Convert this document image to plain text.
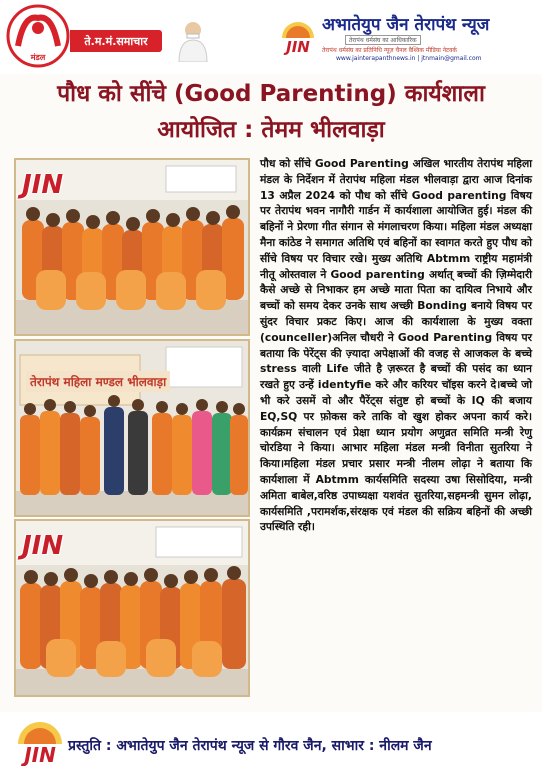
मंडल
ते.म.मं.समाचार	JIN
अभातेयुप जैन तेरापंथ न्यूज
तेरापंथ धर्मसंघ का आधिकारिक
तेरापंथ धर्मसंघ का प्रतिनिधि न्यूज़ चैनल वैश्विक मीडिया नेटवर्क
www.jainterapanthnews.in | jtnmain@gmail.com
पौध को सींचे (Good Parenting) कार्यशाला
आयोजित : तेमम भीलवाड़ा
JIN
तेरापंथ महिला मण्डल भीलवाड़ा
JIN
पौध को सींचे Good Parenting अखिल भारतीय तेरापंथ महिला मंडल के निर्देशन में तेरापंथ महिला मंडल भीलवाड़ा द्वारा आज दिनांक 13 अप्रैल 2024 को पौध को सींचे Good parenting विषय पर तेरापंथ भवन नागौरी गार्डन में कार्यशाला आयोजित हुई। मंडल की बहिनों ने प्रेरणा गीत संगान से मंगलाचरण किया। महिला मंडल अध्यक्षा मैना कांठेड ने समागत अतिथि एवं बहिनों का स्वागत करते हुए पौध को सींचे विषय पर विचार रखे। मुख्य अतिथि Abtmm राष्ट्रीय महामंत्री नीतू ओस्तवाल ने Good parenting अर्थात् बच्चों की ज़िम्मेदारी कैसे अच्छे से निभाकर हम अच्छे माता पिता का दायित्व निभाये और बच्चों को समय देकर उनके साथ अच्छी Bonding बनाये विषय पर सुंदर विचार प्रकट किए। आज की कार्यशाला के मुख्य वक्ता (counceller)अनिल चौधरी ने Good Parenting विषय पर बताया कि पेरेंट्स की ज़्यादा अपेक्षाओं की वजह से आजकल के बच्चे stress वाली Life जीते है ज़रूरत है बच्चों की पसंद का ध्यान रखते हुए उन्हें identyfie करे और करियर चॉइस करने दे।बच्चे जो भी करे उसमें वो और पैरेंट्स संतुष्ट हो बच्चों के IQ की बजाय EQ,SQ पर फ़ोकस करे ताकि वो खुश होकर अपना कार्य करे। कार्यक्रम संचालन एवं प्रेक्षा ध्यान प्रयोग अणुव्रत समिति मन्त्री रेणु चोरडिया ने किया। आभार महिला मंडल मन्त्री विनीता सुतरिया ने किया।महिला मंडल प्रचार प्रसार मन्त्री नीलम लोढ़ा ने बताया कि कार्यशाला में Abtmm कार्यसमिति सदस्या उषा सिसोदिया, मन्त्री अमिता बाबेल,वरिष्ठ उपाध्यक्षा यशवंत सुतरिया,सहमन्त्री सुमन लोढ़ा, कार्यसमिति ,परामर्शक,संरक्षक एवं मंडल की सक्रिय बहिनों की अच्छी उपस्थिति रही।
JIN प्रस्तुति : अभातेयुप जैन तेरापंथ न्यूज से गौरव जैन, साभार : नीलम जैन
